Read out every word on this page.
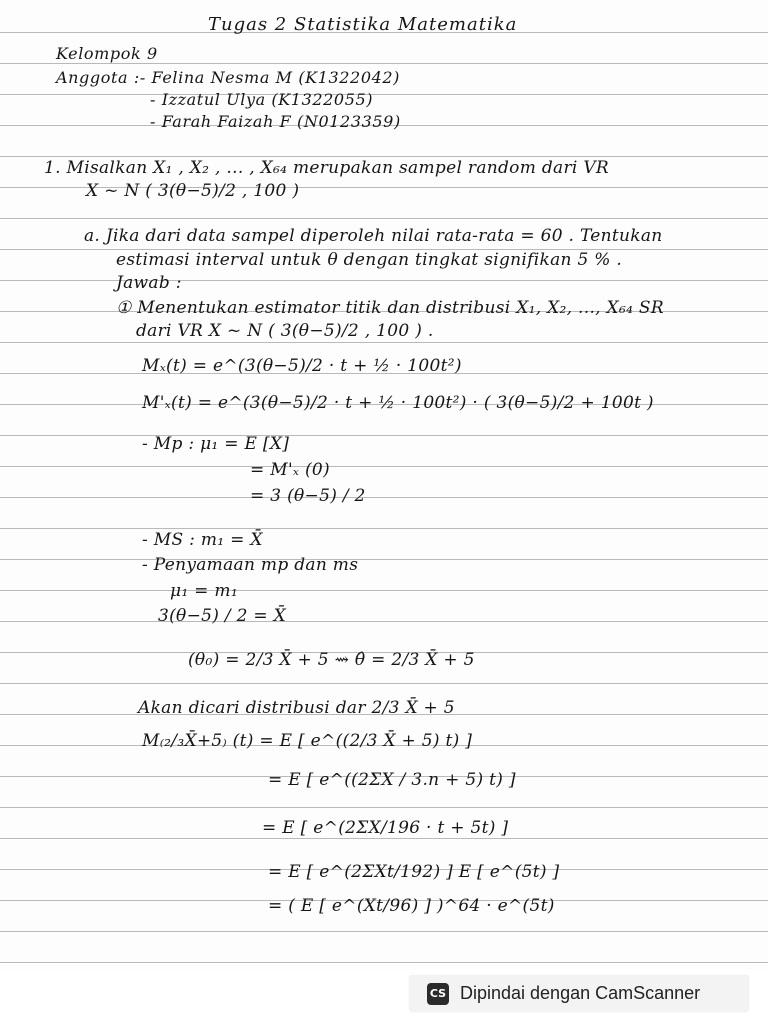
Tugas 2 Statistika Matematika
Kelompok 9
Anggota :- Felina Nesma M (K1322042)
- Izzatul Ulya (K1322055)
- Farah Faizah F (N0123359)
1. Misalkan X₁ , X₂ , ... , X₆₄ merupakan sampel random dari VR
X ~ N ( 3(θ−5)/2 , 100 )
a. Jika dari data sampel diperoleh nilai rata-rata = 60 . Tentukan
estimasi interval untuk θ dengan tingkat signifikan 5 % .
Jawab :
① Menentukan estimator titik dan distribusi X₁, X₂, ..., X₆₄ SR
dari VR X ~ N ( 3(θ−5)/2 , 100 ) .
Mₓ(t) = e^(3(θ−5)/2 · t + ½ · 100t²)
M'ₓ(t) = e^(3(θ−5)/2 · t + ½ · 100t²) · ( 3(θ−5)/2 + 100t )
- Mp : μ₁ = E [X]
= M'ₓ (0)
= 3 (θ−5) / 2
- MS : m₁ = X̄
- Penyamaan mp dan ms
μ₁ = m₁
3(θ−5) / 2 = X̄
(θ₀) = 2/3 X̄ + 5 ⇝ θ̂ = 2/3 X̄ + 5
Akan dicari distribusi dar 2/3 X̄ + 5
M₍₂/₃X̄+5₎ (t) = E [ e^((2/3 X̄ + 5) t) ]
= E [ e^((2ΣX / 3.n + 5) t) ]
= E [ e^(2ΣX/196 · t + 5t) ]
= E [ e^(2ΣXt/192) ] E [ e^(5t) ]
= ( E [ e^(Xt/96) ] )^64 · e^(5t)
CS Dipindai dengan CamScanner
